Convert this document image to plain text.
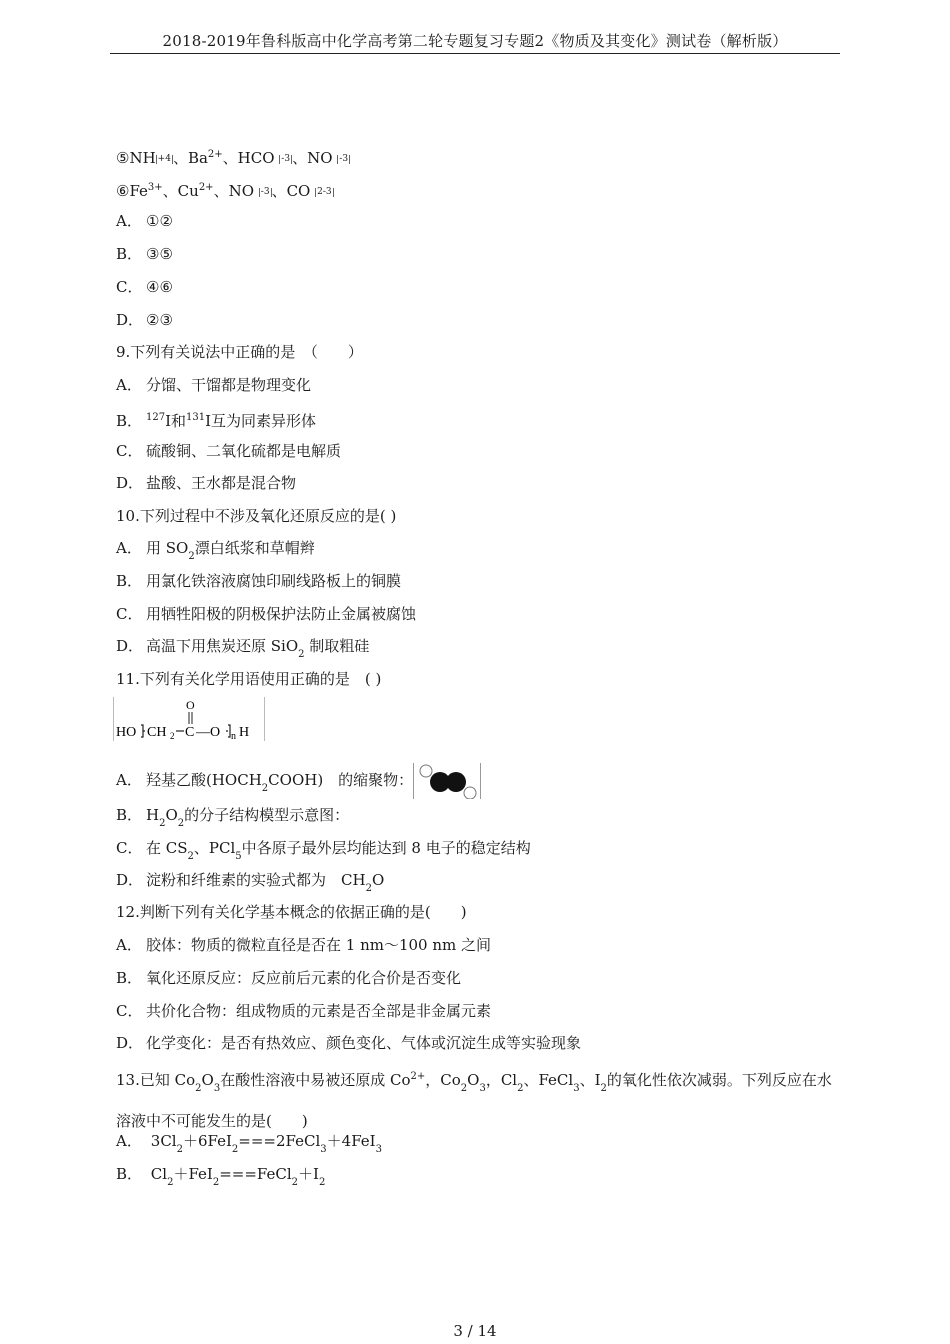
2018-2019年鲁科版高中化学高考第二轮专题复习专题2《物质及其变化》测试卷（解析版）
⑤NH +4 、$Ba^{2+}$、HCO -3 、NO -3
$⑥Fe^{3+}$、$Cu^{2+}$、NO -3 、CO 2-3
A． ①②
B． ③⑤
C． ④⑥
D． ②③
9.下列有关说法中正确的是　（　　）
A． 分馏、干馏都是物理变化
B． $^{127}$I和$^{131}$I互为同素异形体
C． 硫酸铜、二氧化硫都是电解质
D． 盐酸、王水都是混合物
10.下列过程中不涉及氧化还原反应的是( )
A． 用 $SO_2$漂白纸浆和草帽辫
B． 用氯化铁溶液腐蚀印刷线路板上的铜膜
C． 用牺牲阳极的阴极保护法防止金属被腐蚀
D． 高温下用焦炭还原 SiO$_2$ 制取粗硅
11.下列有关化学用语使用正确的是　( )
HO CH 2 C
O
—O n H
A． 羟基乙酸$(HOCH_2COOH)$　的缩聚物：
B． $H_2O_2$的分子结构模型示意图：
C． 在 $CS_2$、PCl$_5$中各原子最外层均能达到 8 电子的稳定结构
D． 淀粉和纤维素的实验式都为　$CH_2O$
12.判断下列有关化学基本概念的依据正确的是(　　)
A． 胶体：物质的微粒直径是否在 1 nm～100 nm 之间
B． 氧化还原反应：反应前后元素的化合价是否变化
C． 共价化合物：组成物质的元素是否全部是非金属元素
D． 化学变化：是否有热效应、颜色变化、气体或沉淀生成等实验现象
13.已知 $Co_2O_3$在酸性溶液中易被还原成 $Co^{2+}$，$Co_2O_3$，$Cl_2$、FeCl$_3$、$I_2$的氧化性依次减弱。下列反应在水溶液中不可能发生的是(　　)
A． $3Cl_2+6FeI_2===2FeCl_3+4FeI_3$
B． $Cl_2+FeI_2===FeCl_2+I_2$
3 / 14
